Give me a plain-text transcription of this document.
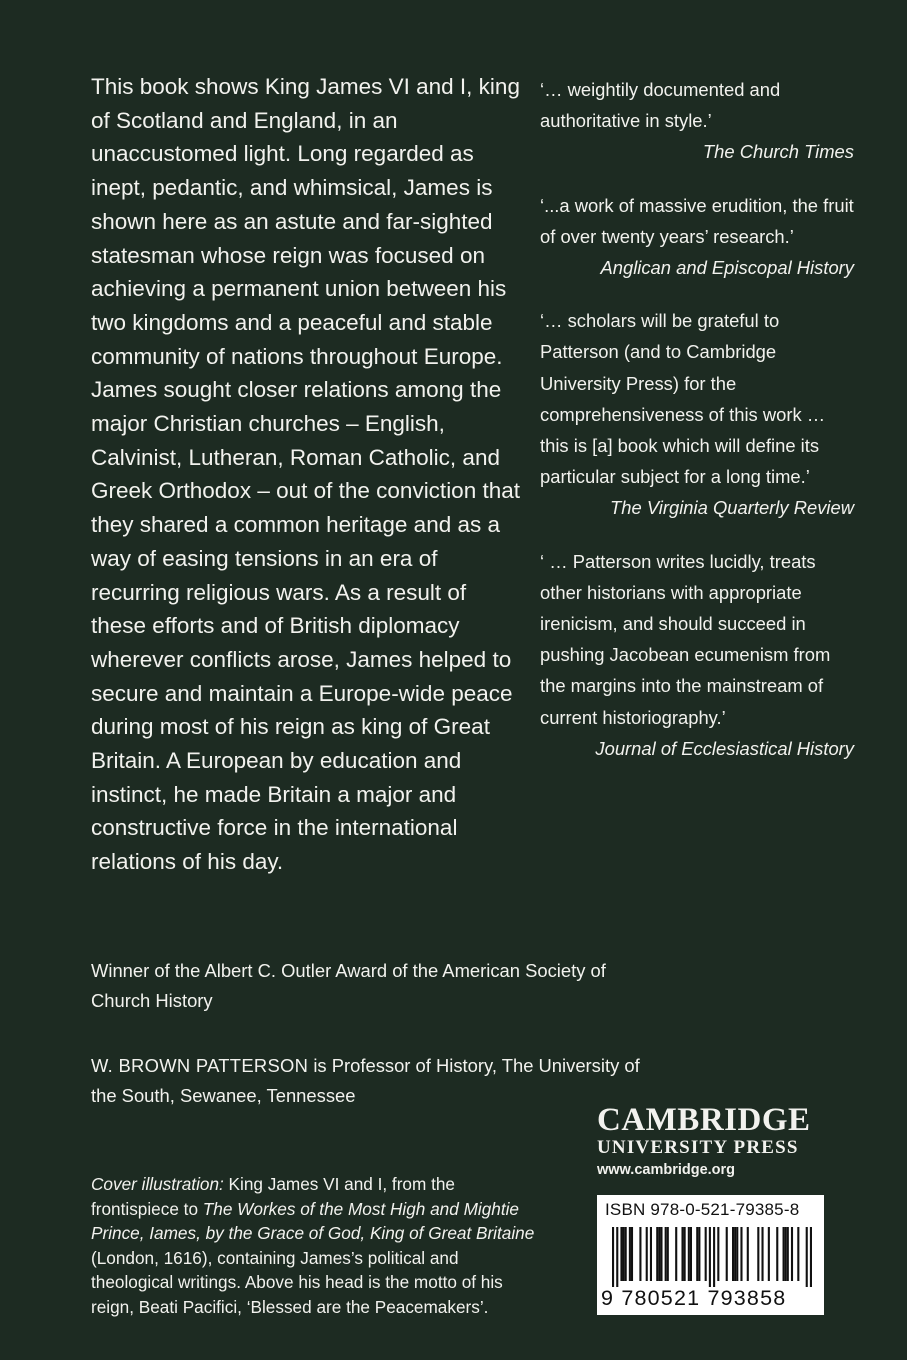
This book shows King James VI and I, king of Scotland and England, in an unaccustomed light. Long regarded as inept, pedantic, and whimsical, James is shown here as an astute and far-sighted statesman whose reign was focused on achieving a permanent union between his two kingdoms and a peaceful and stable community of nations throughout Europe. James sought closer relations among the major Christian churches – English, Calvinist, Lutheran, Roman Catholic, and Greek Orthodox – out of the conviction that they shared a common heritage and as a way of easing tensions in an era of recurring religious wars. As a result of these efforts and of British diplomacy wherever conflicts arose, James helped to secure and maintain a Europe-wide peace during most of his reign as king of Great Britain. A European by education and instinct, he made Britain a major and constructive force in the international relations of his day.

‘… weightily documented and authoritative in style.’

The Church Times

‘...a work of massive erudition, the fruit of over twenty years’ research.’

Anglican and Episcopal History

‘… scholars will be grateful to Patterson (and to Cambridge University Press) for the comprehensiveness of this work … this is [a] book which will define its particular subject for a long time.’

The Virginia Quarterly Review

‘ … Patterson writes lucidly, treats other historians with appropriate irenicism, and should succeed in pushing Jacobean ecumenism from the margins into the mainstream of current historiography.’

Journal of Ecclesiastical History

Winner of the Albert C. Outler Award of the American Society of Church History

W. BROWN PATTERSON is Professor of History, The University of the South, Sewanee, Tennessee

Cover illustration: King James VI and I, from the frontispiece to The Workes of the Most High and Mightie Prince, Iames, by the Grace of God, King of Great Britaine (London, 1616), containing James’s political and theological writings. Above his head is the motto of his reign, Beati Pacifici, ‘Blessed are the Peacemakers’.

CAMBRIDGE

UNIVERSITY PRESS

www.cambridge.org

ISBN 978-0-521-79385-8
9 780521 793858
